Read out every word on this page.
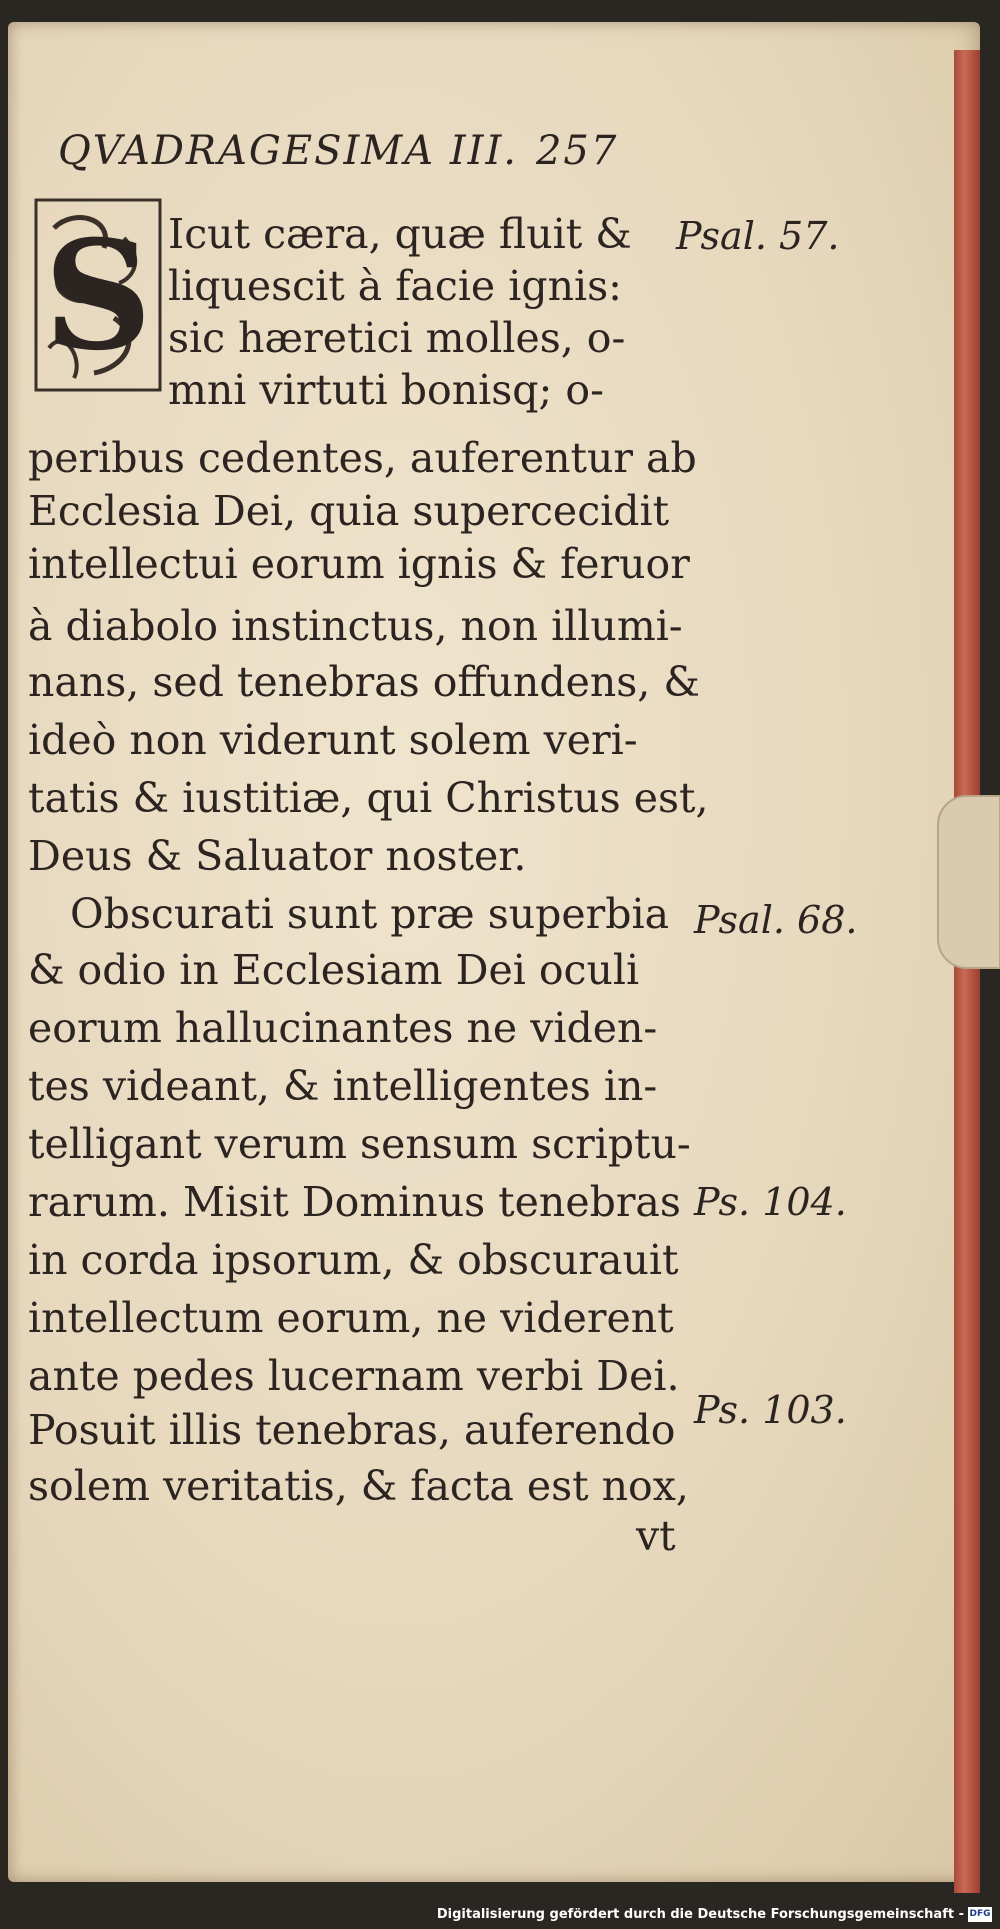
QVADRAGESIMA III. 257
S Icut cæra, quæ fluit &
liquescit à facie ignis:
sic hæretici molles, o-
mni virtuti bonisq; o-
peribus cedentes, auferentur ab
Ecclesia Dei, quia supercecidit
intellectui eorum ignis & feruor
à diabolo instinctus, non illumi-
nans, sed tenebras offundens, &
ideò non viderunt solem veri-
tatis & iustitiæ, qui Christus est,
Deus & Saluator noster.
Obscurati sunt præ superbia
& odio in Ecclesiam Dei oculi
eorum hallucinantes ne viden-
tes videant, & intelligentes in-
telligant verum sensum scriptu-
rarum. Misit Dominus tenebras
in corda ipsorum, & obscurauit
intellectum eorum, ne viderent
ante pedes lucernam verbi Dei.
Posuit illis tenebras, auferendo
solem veritatis, & facta est nox,
vt
Psal. 57.
Psal. 68.
Ps. 104.
Ps. 103.
Digitalisierung gefördert durch die Deutsche Forschungsgemeinschaft - DFG
